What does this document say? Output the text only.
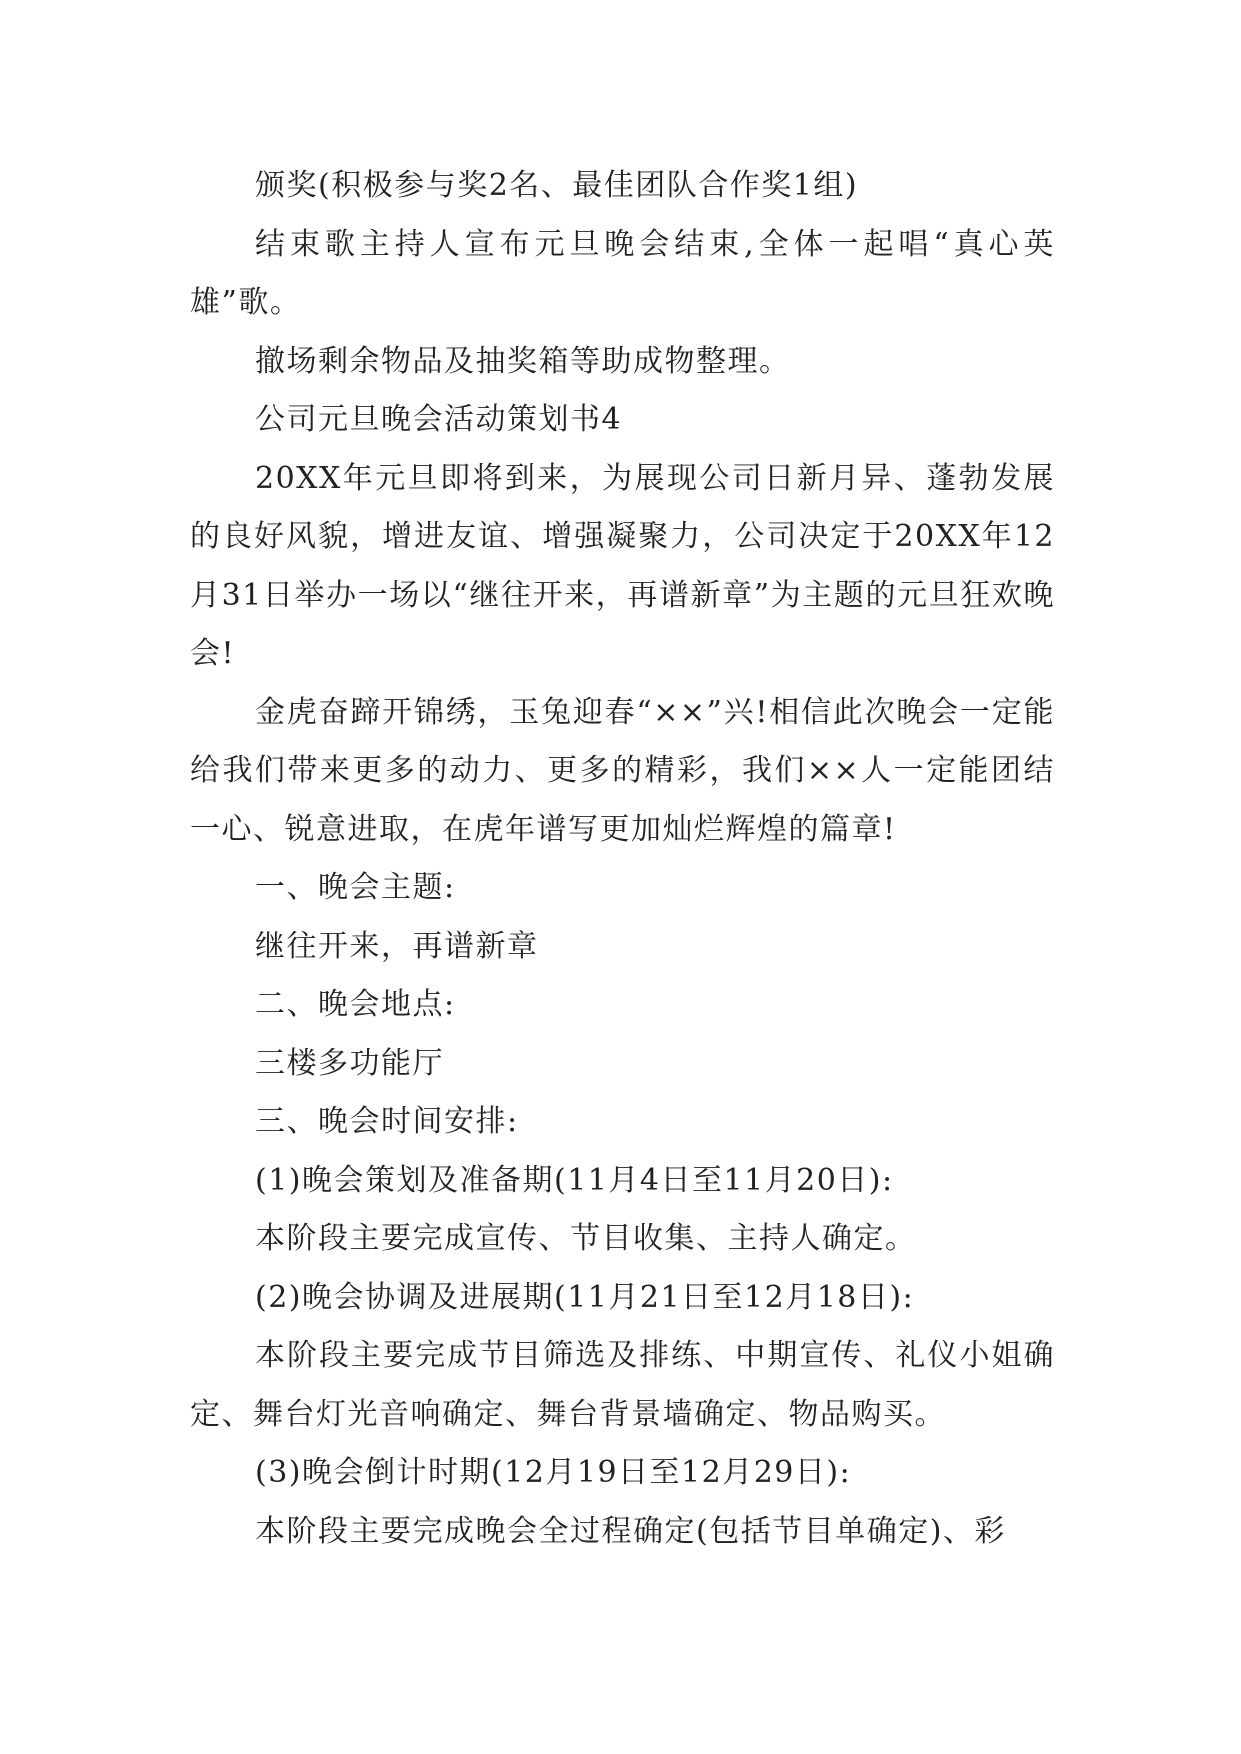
颁奖(积极参与奖2名、最佳团队合作奖1组)

结束歌主持人宣布元旦晚会结束,全体一起唱“真心英雄”歌。

撤场剩余物品及抽奖箱等助成物整理。

公司元旦晚会活动策划书4

20XX年元旦即将到来，为展现公司日新月异、蓬勃发展的良好风貌，增进友谊、增强凝聚力，公司决定于20XX年12月31日举办一场以“继往开来，再谱新章”为主题的元旦狂欢晚会!

金虎奋蹄开锦绣，玉兔迎春“××”兴!相信此次晚会一定能给我们带来更多的动力、更多的精彩，我们××人一定能团结一心、锐意进取，在虎年谱写更加灿烂辉煌的篇章!

一、晚会主题:

继往开来，再谱新章

二、晚会地点:

三楼多功能厅

三、晚会时间安排:

(1)晚会策划及准备期(11月4日至11月20日):

本阶段主要完成宣传、节目收集、主持人确定。

(2)晚会协调及进展期(11月21日至12月18日):

本阶段主要完成节目筛选及排练、中期宣传、礼仪小姐确定、舞台灯光音响确定、舞台背景墙确定、物品购买。

(3)晚会倒计时期(12月19日至12月29日):

本阶段主要完成晚会全过程确定(包括节目单确定)、彩
